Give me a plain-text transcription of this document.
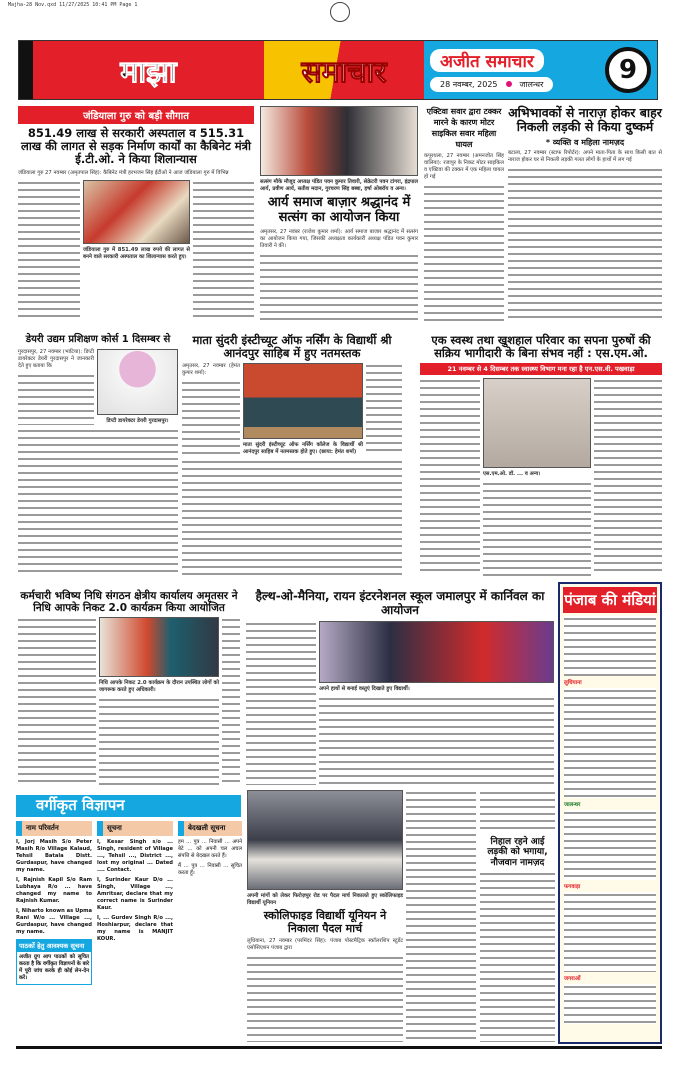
Majha-28 Nov.qxd 11/27/2025 10:41 PM Page 1
माझा	समाचार	अजीत समाचार
28 नवम्बर, 2025	जालन्धर	9
जंडियाला गुरु को बड़ी सौगात
851.49 लाख से सरकारी अस्पताल व 515.31 लाख की लागत से सड़क निर्माण कार्यों का कैबिनेट मंत्री ई.टी.ओ. ने किया शिलान्यास
जंडियाला गुरु 27 नवम्बर (अमृतपाल सिंह): कैबिनेट मंत्री हरभजन सिंह ईटीओ ने आज जंडियाला गुरु में विभिन्न
जंडियाला गुरु में 851.49 लाख रुपये की लागत से बनने वाले सरकारी अस्पताल का शिलान्यास करते हुए।
सत्संग मौके मौजूद अध्यक्ष पंडित पवन कुमार तिवारी, सेक्रेटरी पवन टांगरा, इंद्रपाल आर्य, प्रवीण आर्य, सतीश मदान, गुरचरण सिंह बब्बा, हर्षा ओबरॉय व अन्य।
आर्य समाज बाज़ार श्रद्धानंद में सत्संग का आयोजन किया
अमृतसर, 27 नवंबर (राजेश कुमार शर्मा): आर्य समाज बाजार श्रद्धानंद में सत्संग का आयोजन किया गया, जिसकी अध्यक्षता कार्यकारी अध्यक्ष पंडित पवन कुमार तिवारी ने की।
एक्टिवा सवार द्वारा टक्कर मारने के कारण मोटर साइकिल सवार महिला घायल
कपूरथला, 27 नवम्बर (अमनजोत सिंह वालिया): रजापुर के निकट मोटर साइकिल व एक्टिवा की टक्कर में एक महिला घायल हो गई
अभिभावकों से नाराज़ होकर बाहर निकली लड़की से किया दुष्कर्म
* व्यक्ति व महिला नामज़द
बटाला, 27 नवम्बर (स्टाफ रिपोर्टर): अपने माता-पिता के साथ किसी बात से नाराज होकर घर से निकली लड़की गलत लोगों के हाथों में लग गई
डेयरी उद्यम प्रशिक्षण कोर्स 1 दिसम्बर से
गुरदासपुर, 27 नवम्बर (भाटिया): डिप्टी डायरेक्टर डेयरी गुरदासपुर ने जानकारी देते हुए बताया कि
डिप्टी डायरेक्टर डेयरी गुरदासपुर।
माता सुंदरी इंस्टीच्यूट ऑफ नर्सिंग के विद्यार्थी श्री आनंदपुर साहिब में हुए नतमस्तक
अमृतसर, 27 नवम्बर (हेमंत कुमार शर्मा):
माता सुंदरी इंस्टीच्यूट ऑफ नर्सिंग कॉलेज के विद्यार्थी श्री आनंदपुर साहिब में नतमस्तक होते हुए। (छाया: हेमंत शर्मा)
एक स्वस्थ तथा खुशहाल परिवार का सपना पुरुषों की सक्रिय भागीदारी के बिना संभव नहीं : एस.एम.ओ.
21 नवम्बर से 4 दिसम्बर तक स्वास्थ्य विभाग मना रहा है एन.एस.वी. पखवाड़ा
एस.एम.ओ. डॉ. ... व अन्य।
कर्मचारी भविष्य निधि संगठन क्षेत्रीय कार्यालय अमृतसर ने निधि आपके निकट 2.0 कार्यक्रम किया आयोजित
निधि आपके निकट 2.0 कार्यक्रम के दौरान उपस्थित लोगों को जागरूक करते हुए अधिकारी।
हैल्थ-ओ-मैनिया, रायन इंटरनेशनल स्कूल जमालपुर में कार्निवल का आयोजन
अपने हाथों से बनाई वस्तुएं दिखाते हुए विद्यार्थी।
पंजाब की मंडियां
लुधियाना
जालन्धर
फगवाड़ा
जगराओं
अपनी मांगों को लेकर फिरोज़पुर रोड पर पैदल मार्च निकालते हुए स्कोलिफाइड विद्यार्थी यूनियन
स्कोलिफाइड विद्यार्थी यूनियन ने निकाला पैदल मार्च
लुधियाना, 27 नवम्बर (परमिंदर सिंह): पंजाब पोस्टमैट्रिक स्कॉलरशिप स्टूडेंट एसोसिएशन पंजाब द्वारा
निहाल रहने आई लड़की को भगाया, नौजवान नामज़द
वर्गीकृत विज्ञापन
नाम परिवर्तन

I, Jorj Masih S/o Peter Masih R/o Village Kalaud, Tehsil Batala Distt. Gurdaspur, have changed my name.

I, Rajnish Kapil S/o Ram Lubhaya R/o ... have changed my name to Rajnish Kumar.

I, Niharto known as Upma Rani W/o ... Village ..., Gurdaspur, have changed my name.

पाठकों हेतु आवश्यक सूचना

अजीत ग्रुप आप पाठकों को सूचित करता है कि वर्गीकृत विज्ञापनों के बारे में पूरी जांच करके ही कोई लेन-देन करें।

सूचना

I, Kesar Singh s/o ... Singh, resident of Village ..., Tehsil ..., District ..., lost my original ... Dated .... Contact.

I, Surinder Kaur D/o ... Singh, Village ..., Amritsar, declare that my correct name is Surinder Kaur.

I, ... Gurdev Singh R/o ..., Hoshiarpur, declare that my name is MANJIT KOUR.

बेदखली सूचना

हम ... पुत्र ... निवासी ... अपने बेटे ... को अपनी चल अचल संपत्ति से बेदखल करते हैं।

मैं ... पुत्र ... निवासी ... सूचित करता हूँ।
